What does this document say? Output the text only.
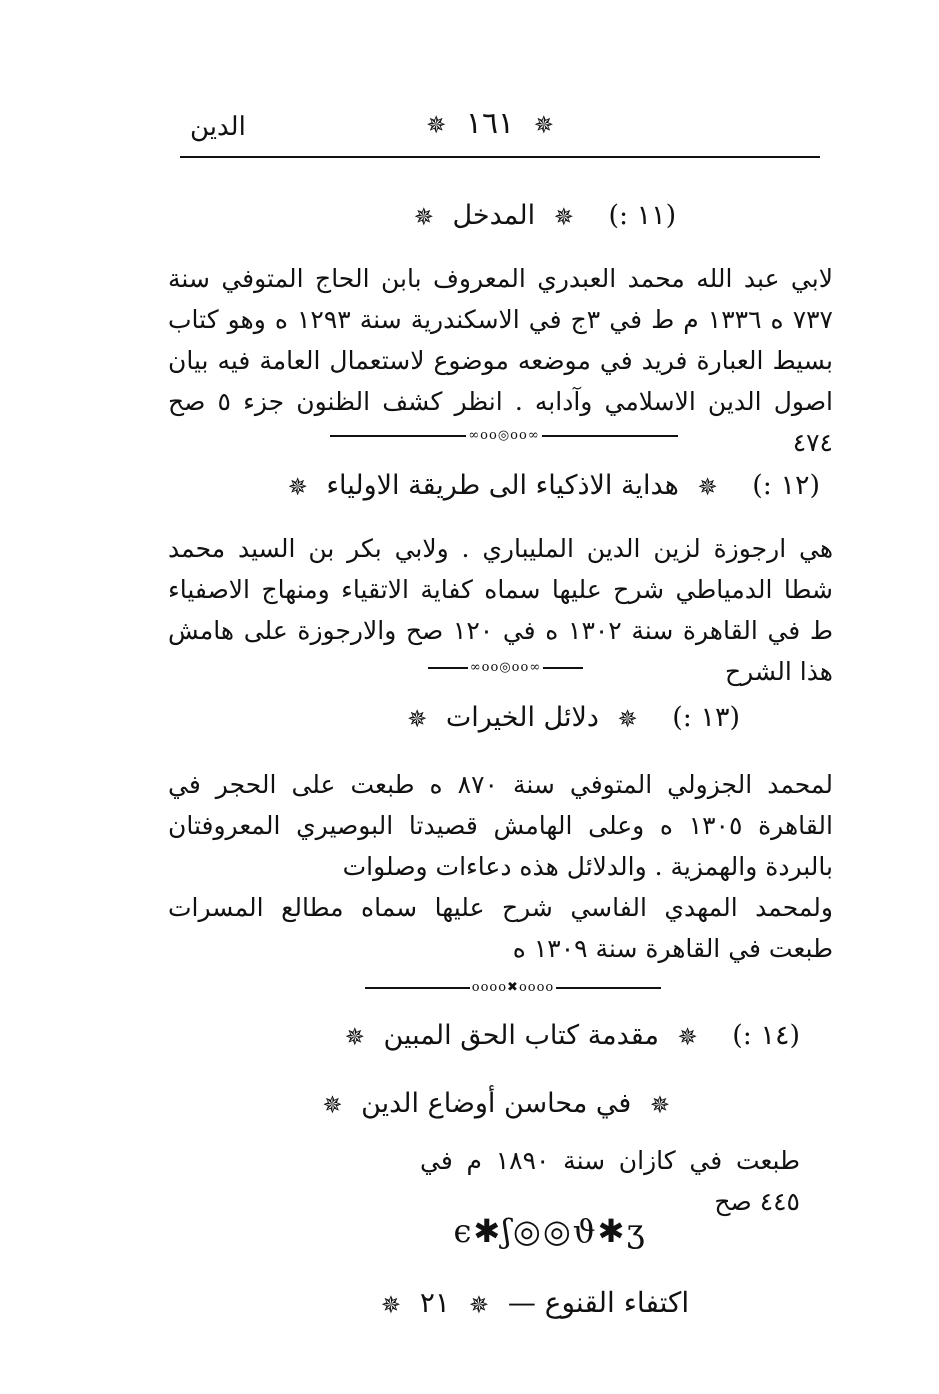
✵ ١٦١ ✵
الدين
(١١ :) ✵ المدخل ✵
لابي عبد الله محمد العبدري المعروف بابن الحاج المتوفي سنة ٧٣٧ ه ١٣٣٦ م ط في ٣ج في الاسكندرية سنة ١٢٩٣ ه وهو كتاب بسيط العبارة فريد في موضعه موضوع لاستعمال العامة فيه بيان اصول الدين الاسلامي وآدابه . انظر كشف الظنون جزء ٥ صح ٤٧٤
∞oo◎oo∞
(١٢ :) ✵ هداية الاذكياء الى طريقة الاولياء ✵
هي ارجوزة لزين الدين المليباري . ولابي بكر بن السيد محمد شطا الدمياطي شرح عليها سماه كفاية الاتقياء ومنهاج الاصفياء ط في القاهرة سنة ١٣٠٢ ه في ١٢٠ صح والارجوزة على هامش هذا الشرح
∞oo◎oo∞
(١٣ :) ✵ دلائل الخيرات ✵
لمحمد الجزولي المتوفي سنة ٨٧٠ ه طبعت على الحجر في القاهرة ١٣٠٥ ه وعلى الهامش قصيدتا البوصيري المعروفتان بالبردة والهمزية . والدلائل هذه دعاءات وصلوات
ولمحمد المهدي الفاسي شرح عليها سماه مطالع المسرات طبعت في القاهرة سنة ١٣٠٩ ه
oooo✖oooo
(١٤ :) ✵ مقدمة كتاب الحق المبين ✵
✵ في محاسن أوضاع الدين ✵
طبعت في كازان سنة ١٨٩٠ م في ٤٤٥ صح
ϵ✱ʃ◎◎ϑ✱ʒ
اكتفاء القنوع — ✵ ٢١ ✵
